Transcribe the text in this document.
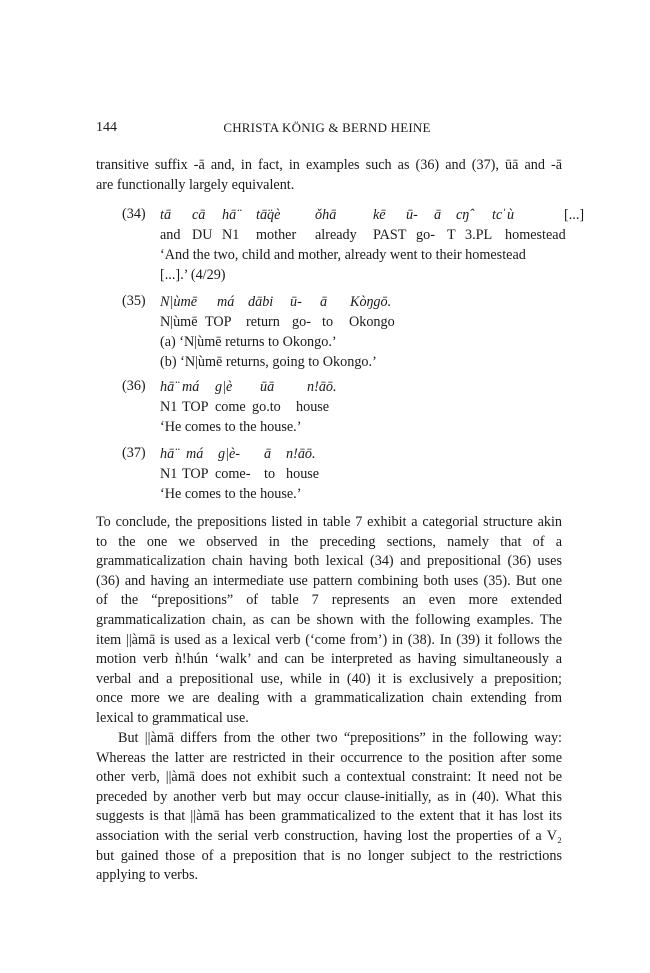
144	CHRISTA KÖNIG & BERND HEINE
transitive suffix -ā and, in fact, in examples such as (36) and (37), ūā and -ā
are functionally largely equivalent.
(34) tā cā hā̈ tā̈qè ǒhā	kē ū- ā cŋ̂ tcˈù	[...]
and DU N1 mother already PAST go- T 3.PL homestead
‘And the two, child and mother, already went to their homestead
[...].’ (4/29)
(35) N|ùmē má dābi ū- ā Kòŋgō.
N|ùmē TOP return go- to Okongo
(a) ‘N|ùmē returns to Okongo.’
(b) ‘N|ùmē returns, going to Okongo.’
(36) hā̈ má g|è ūā n!āō.
N1 TOP come go.to house
‘He comes to the house.’
(37) hā̈ má g|è- ā n!āō.
N1 TOP come- to house
‘He comes to the house.’
To conclude, the prepositions listed in table 7 exhibit a categorial structure akin
to the one we observed in the preceding sections, namely that of a
grammaticalization chain having both lexical (34) and prepositional (36) uses
(36) and having an intermediate use pattern combining both uses (35). But one
of the “prepositions” of table 7 represents an even more extended
grammaticalization chain, as can be shown with the following examples. The
item ||àmā is used as a lexical verb (‘come from’) in (38). In (39) it follows the
motion verb ǹ!hún ‘walk’ and can be interpreted as having simultaneously a
verbal and a prepositional use, while in (40) it is exclusively a preposition;
once more we are dealing with a grammaticalization chain extending from
lexical to grammatical use.
But ||àmā differs from the other two “prepositions” in the following way:
Whereas the latter are restricted in their occurrence to the position after some
other verb, ||àmā does not exhibit such a contextual constraint: It need not be
preceded by another verb but may occur clause-initially, as in (40). What this
suggests is that ||àmā has been grammaticalized to the extent that it has lost its
association with the serial verb construction, having lost the properties of a V₂
but gained those of a preposition that is no longer subject to the restrictions
applying to verbs.
